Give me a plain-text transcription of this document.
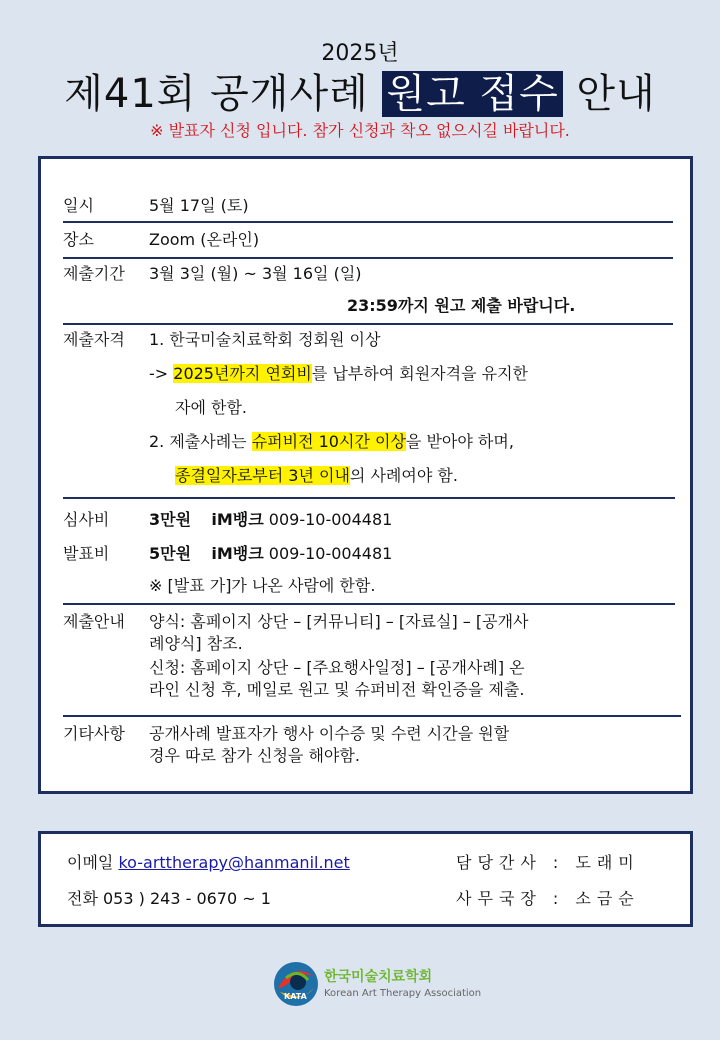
2025년
제41회 공개사례 원고 접수 안내
※ 발표자 신청 입니다. 참가 신청과 착오 없으시길 바랍니다.
일시	5월 17일 (토)
장소	Zoom (온라인)
제출기간 3월 3일 (월) ~ 3월 16일 (일)
23:59까지 원고 제출 바랍니다.
제출자격 1. 한국미술치료학회 정회원 이상
-> 2025년까지 연회비를 납부하여 회원자격을 유지한
자에 한함.
2. 제출사례는 슈퍼비전 10시간 이상을 받아야 하며,
종결일자로부터 3년 이내의 사례여야 함.
심사비 3만원 iM뱅크 009-10-004481
발표비 5만원 iM뱅크 009-10-004481
※ [발표 가]가 나온 사람에 한함.
제출안내 양식: 홈페이지 상단 – [커뮤니티] – [자료실] – [공개사
례양식] 참조.
신청: 홈페이지 상단 – [주요행사일정] – [공개사례] 온
라인 신청 후, 메일로 원고 및 슈퍼비전 확인증을 제출.
기타사항 공개사례 발표자가 행사 이수증 및 수련 시간을 원할
경우 따로 참가 신청을 해야함.
이메일 ko-arttherapy@hanmanil.net
전화 053 ) 243 - 0670 ~ 1
담당간사 : 도래미
사무국장 : 소금순
KATA
한국미술치료학회
Korean Art Therapy Association
